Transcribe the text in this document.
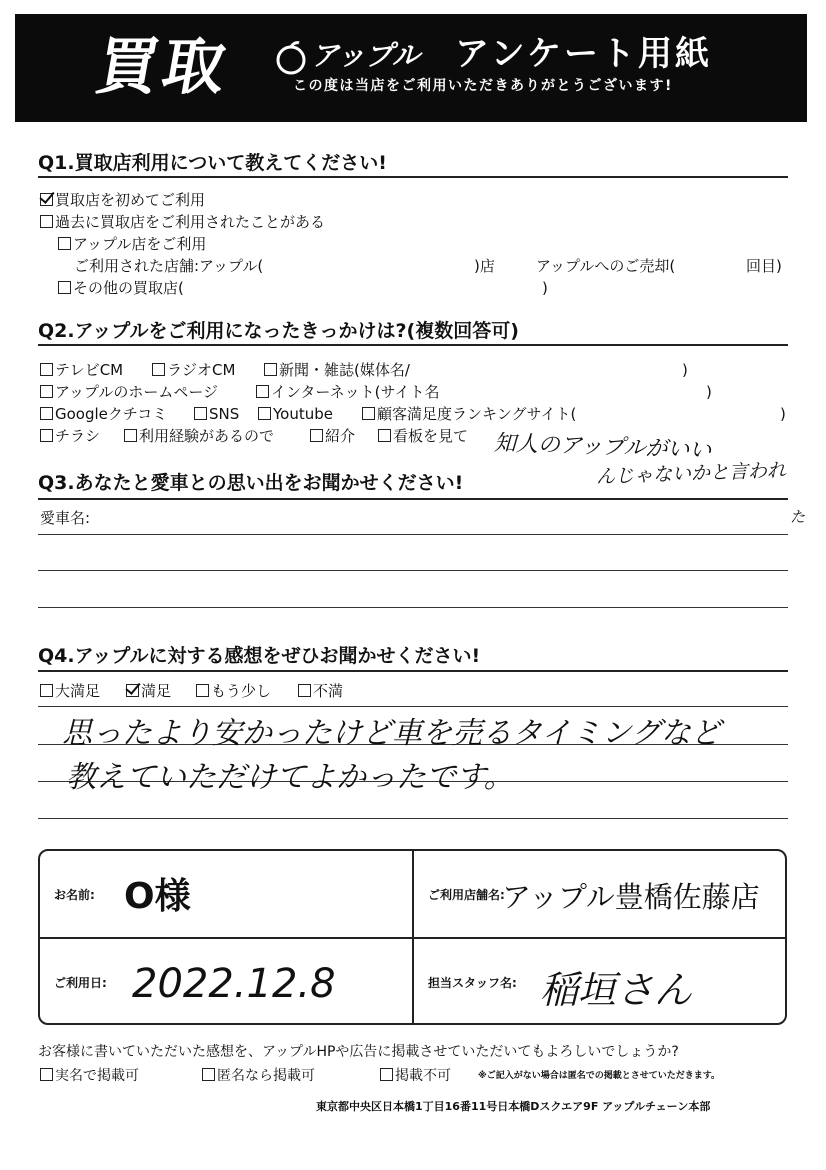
買取	アップル アンケート用紙
この度は当店をご利用いただきありがとうございます!
Q1.買取店利用について教えてください!
買取店を初めてご利用
過去に買取店をご利用されたことがある
アップル店をご利用
ご利用された店舗:アップル(	)店	アップルへのご売却(	回目)
その他の買取店(	)
Q2.アップルをご利用になったきっかけは?(複数回答可)
テレビCM	ラジオCM	新聞・雑誌(媒体名/	)
アップルのホームページ	インターネット(サイト名	)
Googleクチコミ	SNS	Youtube	顧客満足度ランキングサイト(	)
チラシ	利用経験があるので	紹介	看板を見て 知人のアップルがいい
んじゃないかと言われ
た
Q3.あなたと愛車との思い出をお聞かせください!
愛車名:
Q4.アップルに対する感想をぜひお聞かせください!
大満足	満足	もう少し	不満
思ったより安かったけど車を売るタイミングなど
教えていただけてよかったです。
お名前: O様	ご利用店舗名:
アップル豊橋佐藤店
ご利用日: 2022.12.8	担当スタッフ名: 稲垣さん
お客様に書いていただいた感想を、アップルHPや広告に掲載させていただいてもよろしいでしょうか?
実名で掲載可	匿名なら掲載可	掲載不可	※ご記入がない場合は匿名での掲載とさせていただきます。
東京都中央区日本橋1丁目16番11号日本橋Dスクエア9F アップルチェーン本部
